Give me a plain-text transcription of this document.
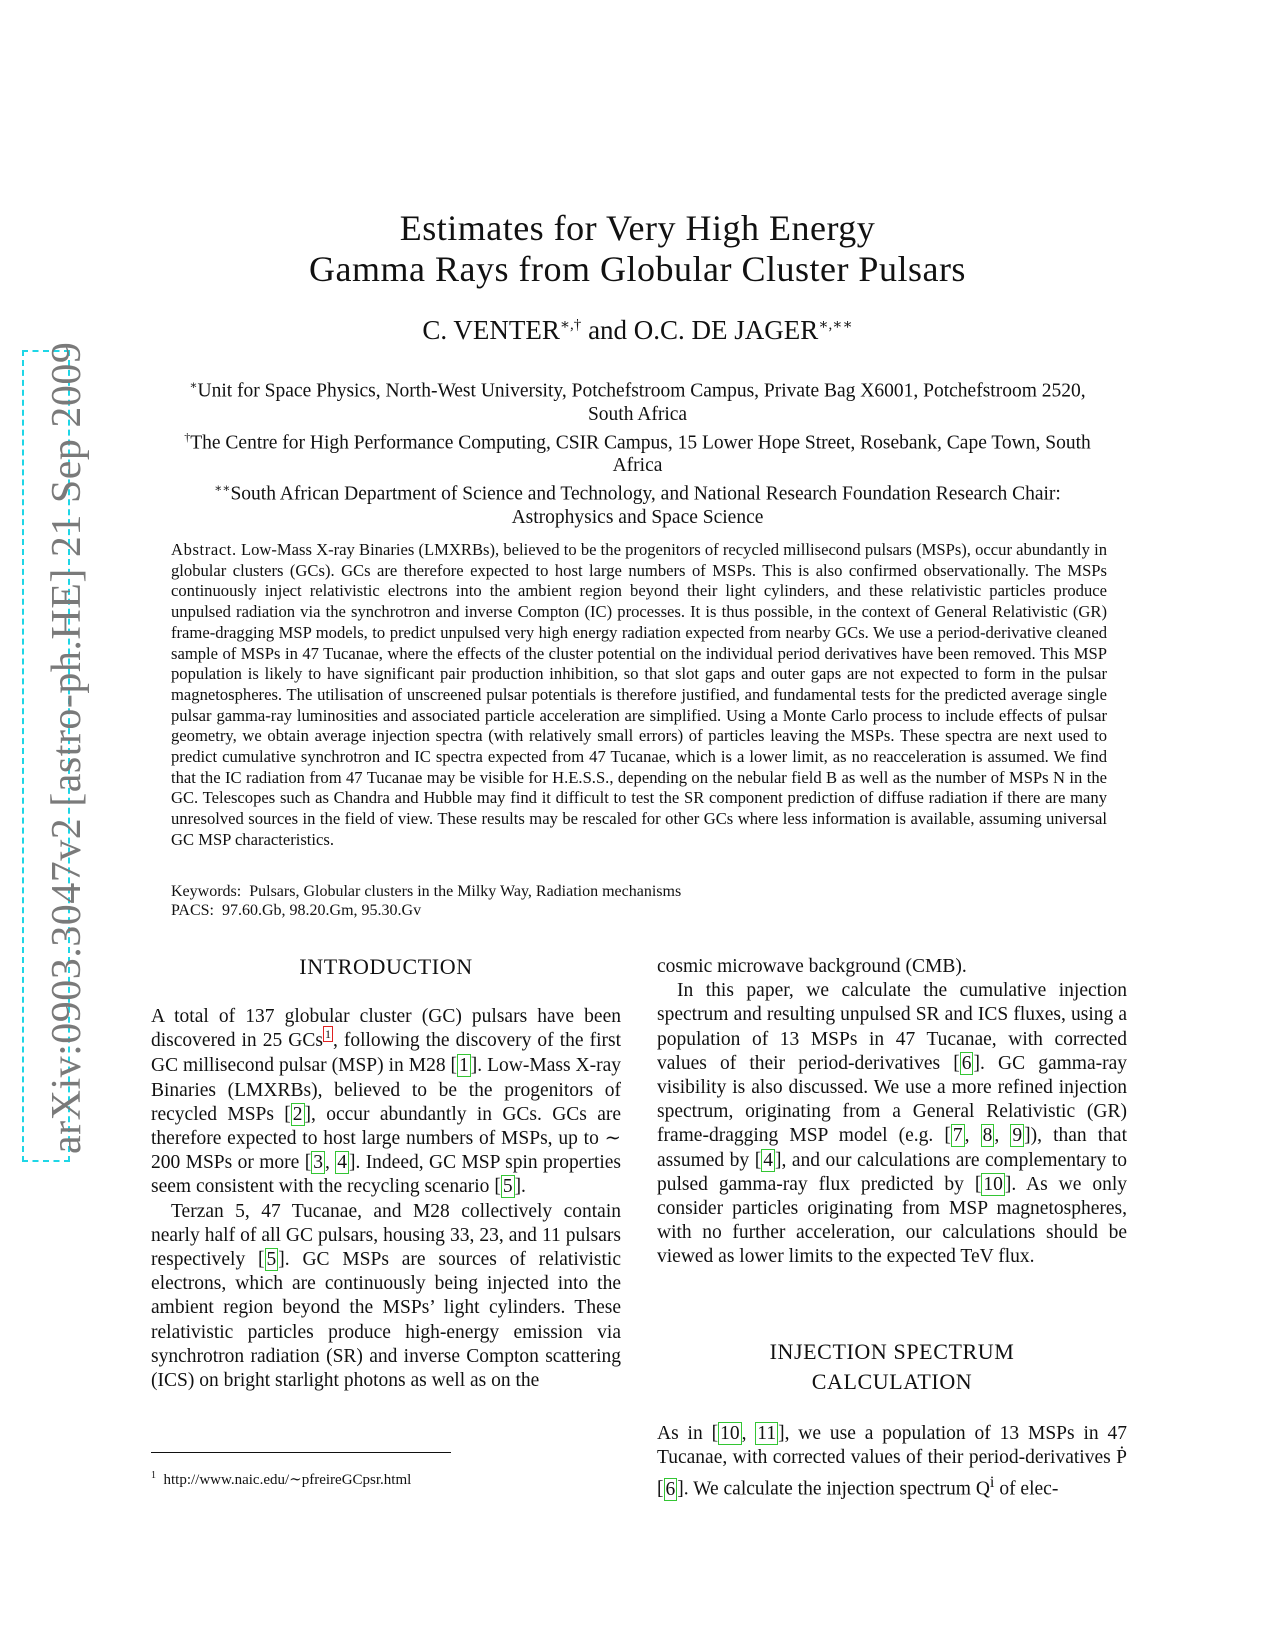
arXiv:0903.3047v2 [astro-ph.HE] 21 Sep 2009
Estimates for Very High Energy
Gamma Rays from Globular Cluster Pulsars
C. VENTER∗,† and O.C. DE JAGER∗,∗∗
∗Unit for Space Physics, North-West University, Potchefstroom Campus, Private Bag X6001, Potchefstroom 2520, South Africa
†The Centre for High Performance Computing, CSIR Campus, 15 Lower Hope Street, Rosebank, Cape Town, South Africa
∗∗South African Department of Science and Technology, and National Research Foundation Research Chair: Astrophysics and Space Science
Abstract. Low-Mass X-ray Binaries (LMXRBs), believed to be the progenitors of recycled millisecond pulsars (MSPs), occur abundantly in globular clusters (GCs). GCs are therefore expected to host large numbers of MSPs. This is also confirmed observationally. The MSPs continuously inject relativistic electrons into the ambient region beyond their light cylinders, and these relativistic particles produce unpulsed radiation via the synchrotron and inverse Compton (IC) processes. It is thus possible, in the context of General Relativistic (GR) frame-dragging MSP models, to predict unpulsed very high energy radiation expected from nearby GCs. We use a period-derivative cleaned sample of MSPs in 47 Tucanae, where the effects of the cluster potential on the individual period derivatives have been removed. This MSP population is likely to have significant pair production inhibition, so that slot gaps and outer gaps are not expected to form in the pulsar magnetospheres. The utilisation of unscreened pulsar potentials is therefore justified, and fundamental tests for the predicted average single pulsar gamma-ray luminosities and associated particle acceleration are simplified. Using a Monte Carlo process to include effects of pulsar geometry, we obtain average injection spectra (with relatively small errors) of particles leaving the MSPs. These spectra are next used to predict cumulative synchrotron and IC spectra expected from 47 Tucanae, which is a lower limit, as no reacceleration is assumed. We find that the IC radiation from 47 Tucanae may be visible for H.E.S.S., depending on the nebular field B as well as the number of MSPs N in the GC. Telescopes such as Chandra and Hubble may find it difficult to test the SR component prediction of diffuse radiation if there are many unresolved sources in the field of view. These results may be rescaled for other GCs where less information is available, assuming universal GC MSP characteristics.
Keywords: Pulsars, Globular clusters in the Milky Way, Radiation mechanisms
PACS: 97.60.Gb, 98.20.Gm, 95.30.Gv
INTRODUCTION
INJECTION SPECTRUM
CALCULATION

A total of 137 globular cluster (GC) pulsars have been discovered in 25 GCs $^1$ , following the discovery of the first GC millisecond pulsar (MSP) in M28 [ 1 ]. Low-Mass X-ray Binaries (LMXRBs), believed to be the progenitors of recycled MSPs [ 2 ], occur abundantly in GCs. GCs are therefore expected to host large numbers of MSPs, up to ∼ 200 MSPs or more [ 3 , 4 ]. Indeed, GC MSP spin properties seem consistent with the recycling scenario [ 5 ].

Terzan 5, 47 Tucanae, and M28 collectively contain nearly half of all GC pulsars, housing 33, 23, and 11 pulsars respectively [ 5 ]. GC MSPs are sources of relativistic electrons, which are continuously being injected into the ambient region beyond the MSPs’ light cylinders. These relativistic particles produce high-energy emission via synchrotron radiation (SR) and inverse Compton scattering (ICS) on bright starlight photons as well as on the

cosmic microwave background (CMB).

In this paper, we calculate the cumulative injection spectrum and resulting unpulsed SR and ICS fluxes, using a population of 13 MSPs in 47 Tucanae, with corrected values of their period-derivatives [ 6 ]. GC gamma-ray visibility is also discussed. We use a more refined injection spectrum, originating from a General Relativistic (GR) frame-dragging MSP model (e.g. [ 7 , 8 , 9 ]), than that assumed by [ 4 ], and our calculations are complementary to pulsed gamma-ray flux predicted by [ 10 ]. As we only consider particles originating from MSP magnetospheres, with no further acceleration, our calculations should be viewed as lower limits to the expected TeV flux.

As in [ 10 , 11 ], we use a population of 13 MSPs in 47 Tucanae, with corrected values of their period-derivatives Ṗ [ 6 ]. We calculate the injection spectrum $Q^i$ of elec-

$^1$ http://www.naic.edu/∼pfreireGCpsr.html
